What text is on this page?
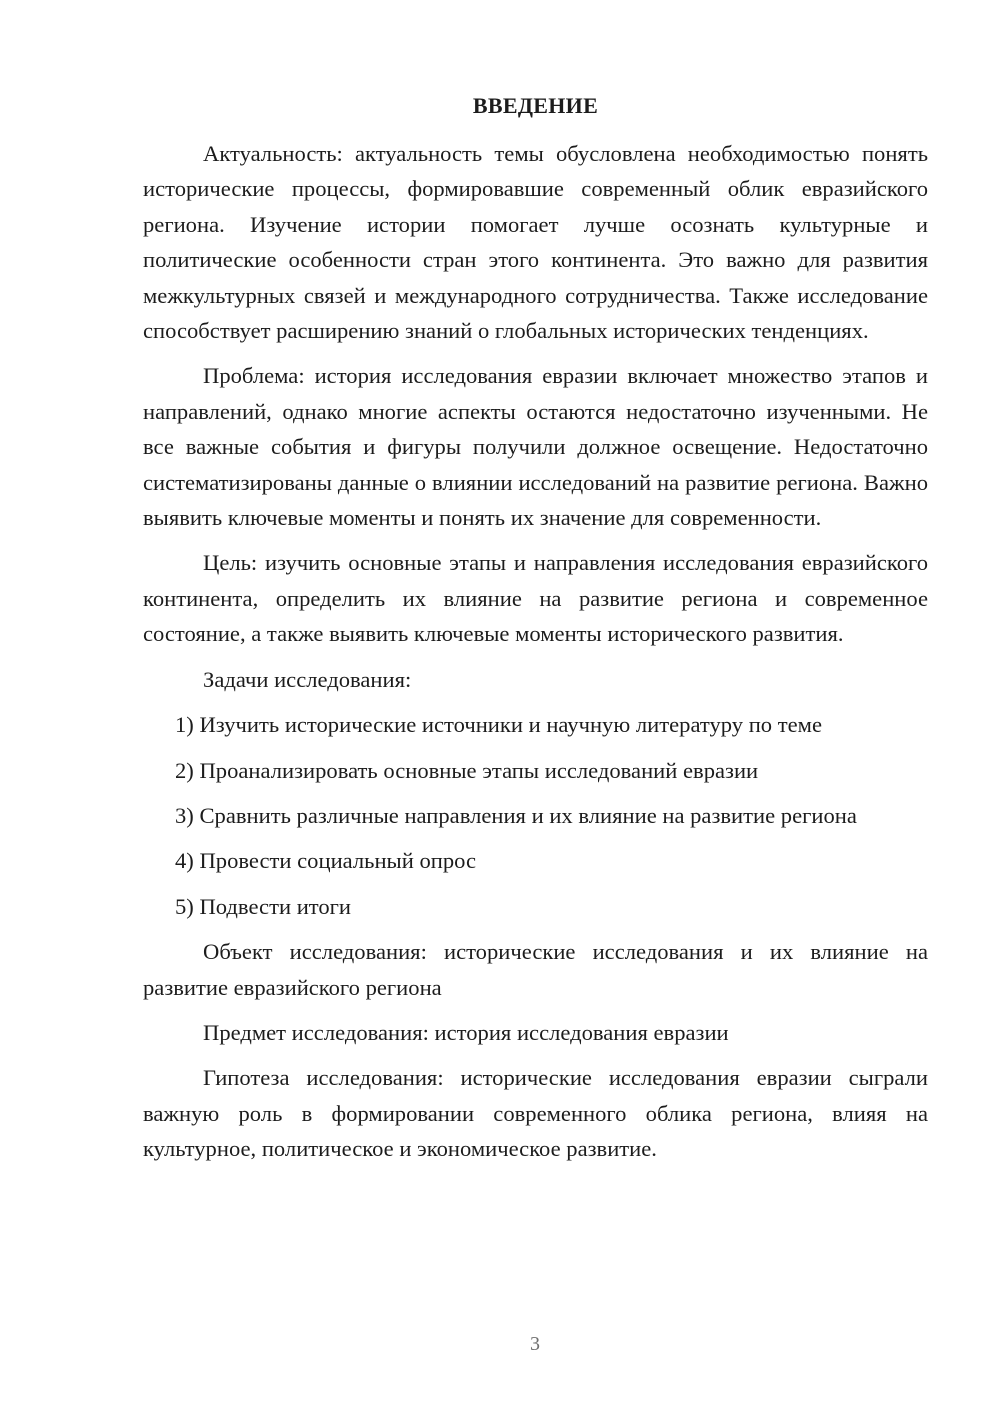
ВВЕДЕНИЕ

Актуальность: актуальность темы обусловлена необходимостью понять исторические процессы, формировавшие современный облик евразийского региона. Изучение истории помогает лучше осознать культурные и политические особенности стран этого континента. Это важно для развития межкультурных связей и международного сотрудничества. Также исследование способствует расширению знаний о глобальных исторических тенденциях.

Проблема: история исследования евразии включает множество этапов и направлений, однако многие аспекты остаются недостаточно изученными. Не все важные события и фигуры получили должное освещение. Недостаточно систематизированы данные о влиянии исследований на развитие региона. Важно выявить ключевые моменты и понять их значение для современности.

Цель: изучить основные этапы и направления исследования евразийского континента, определить их влияние на развитие региона и современное состояние, а также выявить ключевые моменты исторического развития.

Задачи исследования:

1) Изучить исторические источники и научную литературу по теме

2) Проанализировать основные этапы исследований евразии

3) Сравнить различные направления и их влияние на развитие региона

4) Провести социальный опрос

5) Подвести итоги

Объект исследования: исторические исследования и их влияние на развитие евразийского региона

Предмет исследования: история исследования евразии

Гипотеза исследования: исторические исследования евразии сыграли важную роль в формировании современного облика региона, влияя на культурное, политическое и экономическое развитие.

3
